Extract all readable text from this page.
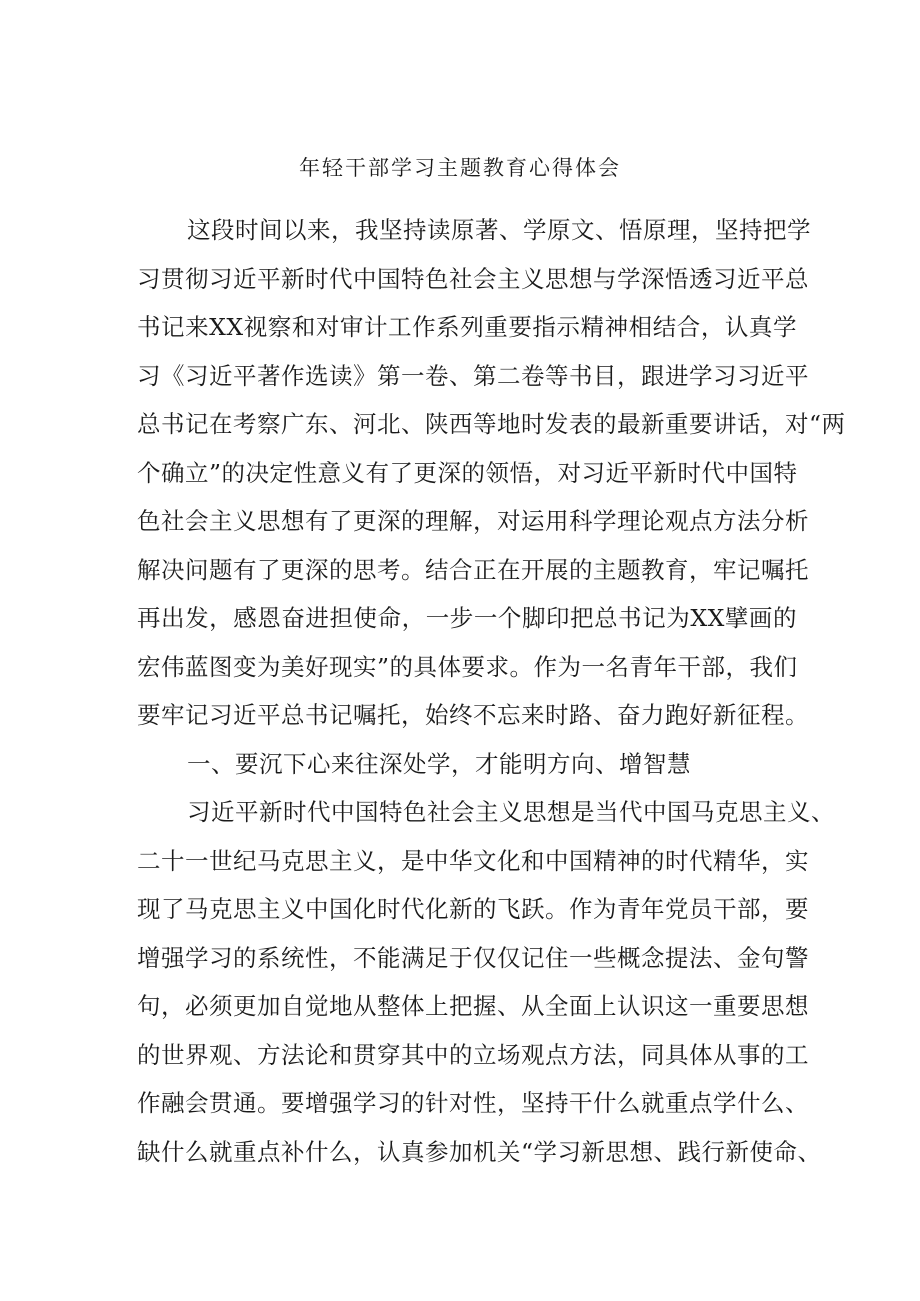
年轻干部学习主题教育心得体会
这段时间以来，我坚持读原著、学原文、悟原理，坚持把学
习贯彻习近平新时代中国特色社会主义思想与学深悟透习近平总
书记来XX视察和对审计工作系列重要指示精神相结合，认真学
习《习近平著作选读》第一卷、第二卷等书目，跟进学习习近平
总书记在考察广东、河北、陕西等地时发表的最新重要讲话，对“两
个确立”的决定性意义有了更深的领悟，对习近平新时代中国特
色社会主义思想有了更深的理解，对运用科学理论观点方法分析
解决问题有了更深的思考。结合正在开展的主题教育，牢记嘱托
再出发，感恩奋进担使命，一步一个脚印把总书记为XX擘画的
宏伟蓝图变为美好现实”的具体要求。作为一名青年干部，我们
要牢记习近平总书记嘱托，始终不忘来时路、奋力跑好新征程。
一、要沉下心来往深处学，才能明方向、增智慧
习近平新时代中国特色社会主义思想是当代中国马克思主义、
二十一世纪马克思主义，是中华文化和中国精神的时代精华，实
现了马克思主义中国化时代化新的飞跃。作为青年党员干部，要
增强学习的系统性，不能满足于仅仅记住一些概念提法、金句警
句，必须更加自觉地从整体上把握、从全面上认识这一重要思想
的世界观、方法论和贯穿其中的立场观点方法，同具体从事的工
作融会贯通。要增强学习的针对性，坚持干什么就重点学什么、
缺什么就重点补什么，认真参加机关“学习新思想、践行新使命、
